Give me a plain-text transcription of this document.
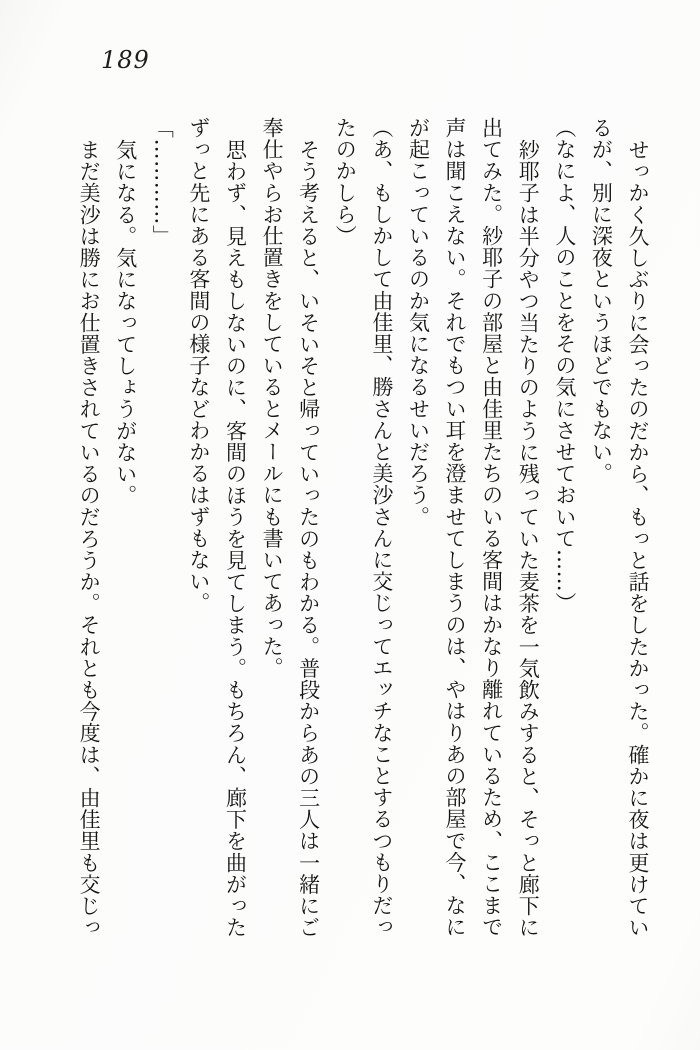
189

せっかく久しぶりに会ったのだから、もっと話をしたかった。確かに夜は更けてい

るが、別に深夜というほどでもない。

（なによ、人のことをその気にさせておいて……）

紗耶子は半分やつ当たりのように残っていた麦茶を一気飲みすると、そっと廊下に

出てみた。紗耶子の部屋と由佳里たちのいる客間はかなり離れているため、ここまで

声は聞こえない。それでもつい耳を澄ませてしまうのは、やはりあの部屋で今、なに

が起こっているのか気になるせいだろう。

（あ、もしかして由佳里、勝さんと美沙さんに交じってエッチなことするつもりだっ

たのかしら）

そう考えると、いそいそと帰っていったのもわかる。普段からあの三人は一緒にご

奉仕やらお仕置きをしているとメールにも書いてあった。

思わず、見えもしないのに、客間のほうを見てしまう。もちろん、廊下を曲がった

ずっと先にある客間の様子などわかるはずもない。

「…………」

気になる。気になってしょうがない。

まだ美沙は勝にお仕置きされているのだろうか。それとも今度は、由佳里も交じっ
